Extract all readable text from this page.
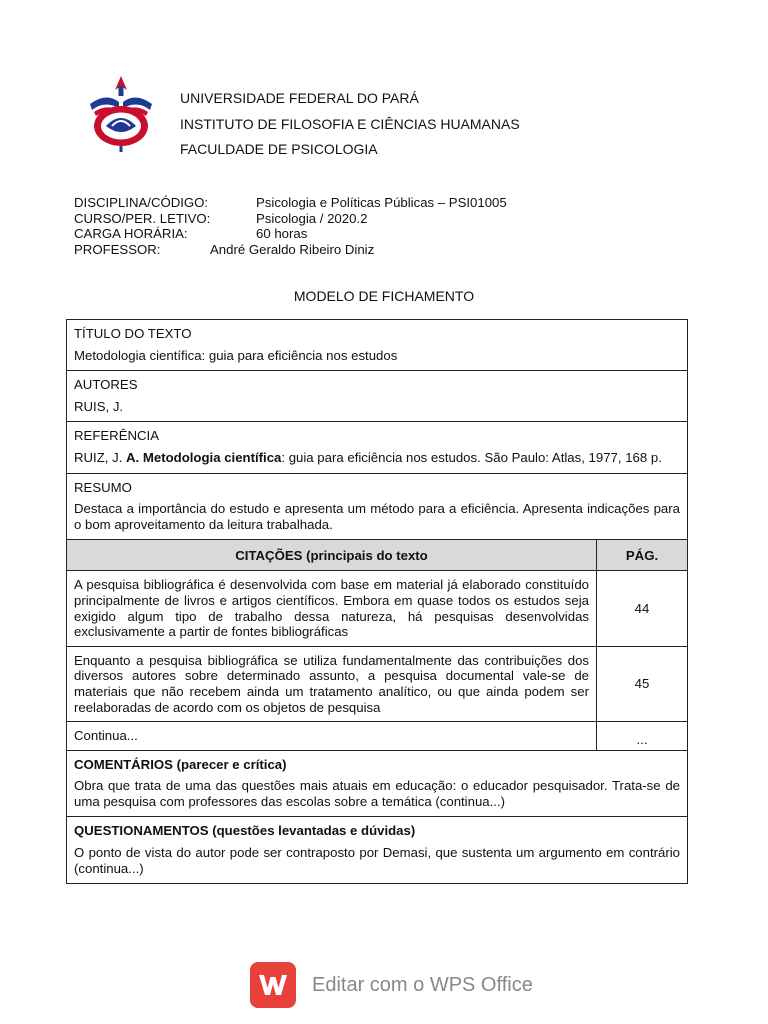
UNIVERSIDADE FEDERAL DO PARÁ
INSTITUTO DE FILOSOFIA E CIÊNCIAS HUAMANAS
FACULDADE DE PSICOLOGIA
DISCIPLINA/CÓDIGO:	Psicologia e Políticas Públicas – PSI01005
CURSO/PER. LETIVO:	Psicologia / 2020.2
CARGA HORÁRIA:	60 horas
PROFESSOR:	André Geraldo Ribeiro Diniz
MODELO DE FICHAMENTO
TÍTULO DO TEXTO
Metodologia científica: guia para eficiência nos estudos	

AUTORES
RUIS, J.	

REFERÊNCIA
RUIZ, J. A. Metodologia científica: guia para eficiência nos estudos. São Paulo: Atlas, 1977, 168 p.	

RESUMO
Destaca a importância do estudo e apresenta um método para a eficiência. Apresenta indicações para o bom aproveitamento da leitura trabalhada.	

CITAÇÕES (principais do texto	PÁG.
A pesquisa bibliográfica é desenvolvida com base em material já elaborado constituído principalmente de livros e artigos científicos. Embora em quase todos os estudos seja exigido algum tipo de trabalho dessa natureza, há pesquisas desenvolvidas exclusivamente a partir de fontes bibliográficas	44
Enquanto a pesquisa bibliográfica se utiliza fundamentalmente das contribuições dos diversos autores sobre determinado assunto, a pesquisa documental vale-se de materiais que não recebem ainda um tratamento analítico, ou que ainda podem ser reelaboradas de acordo com os objetos de pesquisa	45
Continua...	...

COMENTÁRIOS (parecer e crítica)
Obra que trata de uma das questões mais atuais em educação: o educador pesquisador. Trata-se de uma pesquisa com professores das escolas sobre a temática (continua...)	

QUESTIONAMENTOS (questões levantadas e dúvidas)
O ponto de vista do autor pode ser contraposto por Demasi, que sustenta um argumento em contrário (continua...)	
Editar com o WPS Office
